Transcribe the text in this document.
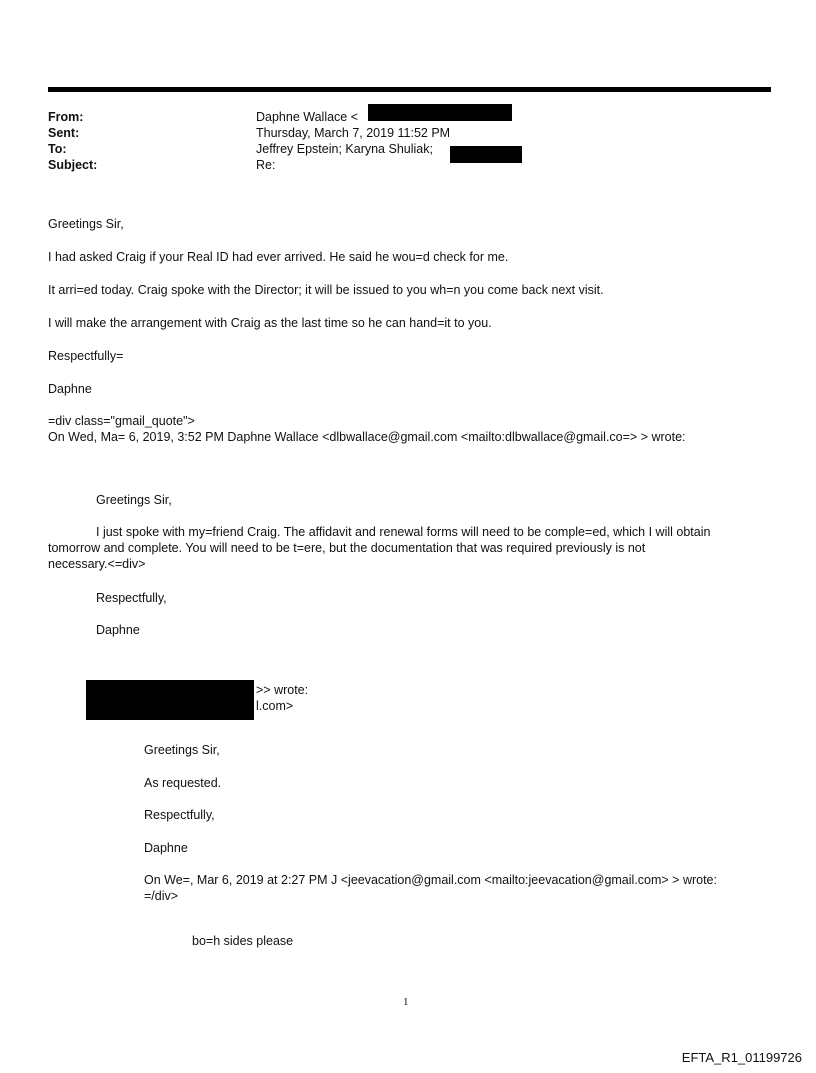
From:	Daphne Wallace <
Sent:	Thursday, March 7, 2019 11:52 PM
To:	Jeffrey Epstein; Karyna Shuliak;
Subject:	Re:
Greetings Sir,
I had asked Craig if your Real ID had ever arrived. He said he wou=d check for me.
It arri=ed today. Craig spoke with the Director; it will be issued to you wh=n you come back next visit.
I will make the arrangement with Craig as the last time so he can hand=it to you.
Respectfully=
Daphne
=div class="gmail_quote">
On Wed, Ma= 6, 2019, 3:52 PM Daphne Wallace <dlbwallace@gmail.com <mailto:dlbwallace@gmail.co=> > wrote:
Greetings Sir,
I just spoke with my=friend Craig. The affidavit and renewal forms will need to be comple=ed, which I will obtain
tomorrow and complete. You will need to be t=ere, but the documentation that was required previously is not
necessary.<=div>
Respectfully,
Daphne
>> wrote:
l.com>
Greetings Sir,
As requested.
Respectfully,
Daphne
On We=, Mar 6, 2019 at 2:27 PM J <jeevacation@gmail.com <mailto:jeevacation@gmail.com> > wrote:
=/div>
bo=h sides please
1
EFTA_R1_01199726
